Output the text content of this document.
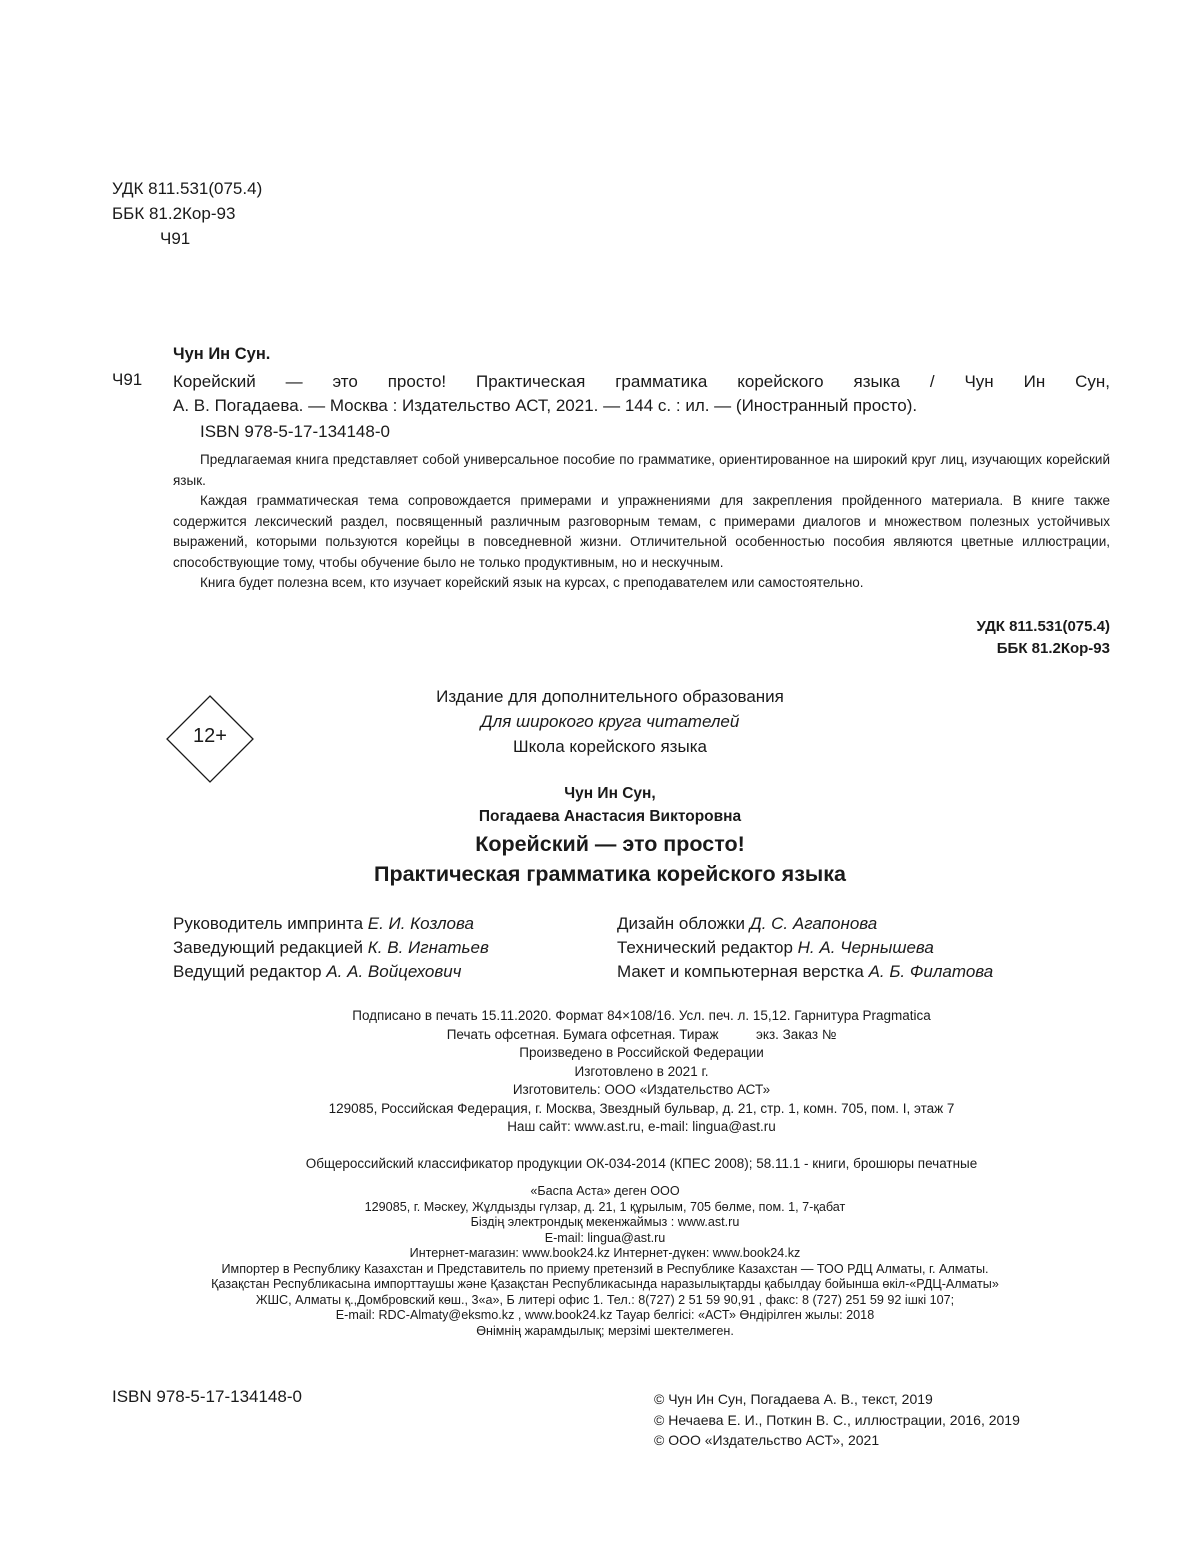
УДК 811.531(075.4)
ББК 81.2Кор-93
Ч91
Чун Ин Сун.
Ч91 Корейский — это просто! Практическая грамматика корейского языка / Чун Ин Сун,
А. В. Погадаева. — Москва : Издательство АСТ, 2021. — 144 с. : ил. — (Иностранный просто).
ISBN 978-5-17-134148-0

Предлагаемая книга представляет собой универсальное пособие по грамматике, ориентированное на широкий круг лиц, изучающих корейский язык.

Каждая грамматическая тема сопровождается примерами и упражнениями для закрепления пройденного материала. В книге также содержится лексический раздел, посвященный различным разговорным темам, с примерами диалогов и множеством полезных устойчивых выражений, которыми пользуются корейцы в повседневной жизни. Отличительной особенностью пособия являются цветные иллюстрации, способствующие тому, чтобы обучение было не только продуктивным, но и нескучным.

Книга будет полезна всем, кто изучает корейский язык на курсах, с преподавателем или самостоятельно.

УДК 811.531(075.4)
ББК 81.2Кор-93
12+
Издание для дополнительного образования
Для широкого круга читателей
Школа корейского языка
Чун Ин Сун,
Погадаева Анастасия Викторовна
Корейский — это просто!
Практическая грамматика корейского языка
Руководитель импринта Е. И. Козлова
Заведующий редакцией К. В. Игнатьев
Ведущий редактор А. А. Войцехович
Дизайн обложки Д. С. Агапонова
Технический редактор Н. А. Чернышева
Макет и компьютерная верстка А. Б. Филатова
Подписано в печать 15.11.2020. Формат 84×108/16. Усл. печ. л. 15,12. Гарнитура Pragmatica
Печать офсетная. Бумага офсетная. Тираж          экз. Заказ №
Произведено в Российской Федерации
Изготовлено в 2021 г.
Изготовитель: ООО «Издательство АСТ»
129085, Российская Федерация, г. Москва, Звездный бульвар, д. 21, стр. 1, комн. 705, пом. I, этаж 7
Наш сайт: www.ast.ru, e-mail: lingua@ast.ru
Общероссийский классификатор продукции ОК-034-2014 (КПЕС 2008); 58.11.1 - книги, брошюры печатные
«Баспа Аста» деген ООО
129085, г. Мәскеу, Жұлдызды гүлзар, д. 21, 1 құрылым, 705 бөлме, пом. 1, 7-қабат
Біздің электрондық мекенжаймыз : www.ast.ru
E-mail: lingua@ast.ru
Интернет-магазин: www.book24.kz Интернет-дүкен: www.book24.kz
Импортер в Республику Казахстан и Представитель по приему претензий в Республике Казахстан — ТОО РДЦ Алматы, г. Алматы.
Қазақстан Республикасына импорттаушы және Қазақстан Республикасында наразылықтарды қабылдау бойынша өкіл-«РДЦ-Алматы»
ЖШС, Алматы қ.,Домбровский көш., 3«а», Б литері офис 1. Тел.: 8(727) 2 51 59 90,91 , факс: 8 (727) 251 59 92 ішкі 107;
E-mail: RDC-Almaty@eksmo.kz , www.book24.kz Тауар белгісі: «АСТ» Өндірілген жылы: 2018
Өнімнің жарамдылық; мерзімі шектелмеген.
ISBN 978-5-17-134148-0	© Чун Ин Сун, Погадаева А. В., текст, 2019
© Нечаева Е. И., Поткин В. С., иллюстрации, 2016, 2019
© ООО «Издательство АСТ», 2021
